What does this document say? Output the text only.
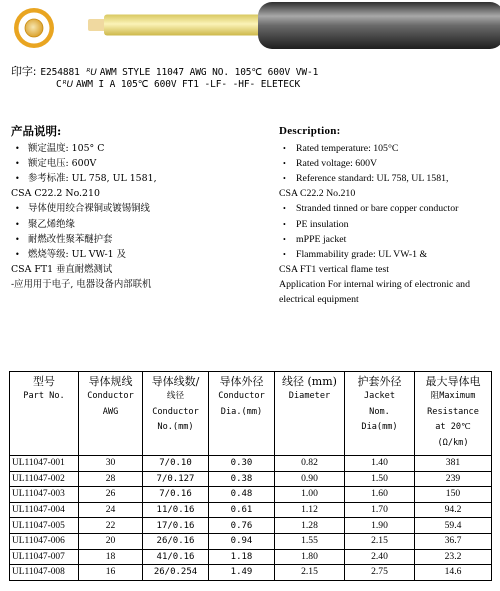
印字: E254881 ᴿU AWM STYLE 11047 AWG NO. 105℃ 600V VW-1
CᴿU AWM I A 105℃ 600V FT1 -LF- -HF- ELETECK
产品说明:
• 额定温度: 105° C
• 额定电压: 600V
• 参考标准: UL 758, UL 1581,
CSA C22.2 No.210
• 导体使用绞合裸铜或镀锡铜线
• 聚乙烯绝缘
• 耐燃改性聚苯醚护套
• 燃烧等级: UL VW-1 及
CSA FT1 垂直耐燃测试
-应用用于电子, 电器设备内部联机
Description:
• Rated temperature: 105°C
• Rated voltage: 600V
• Reference standard: UL 758, UL 1581,
CSA C22.2 No.210
• Stranded tinned or bare copper conductor
• PE insulation
• mPPE jacket
• Flammability grade: UL VW-1 &
CSA FT1 vertical flame test
Application For internal wiring of electronic and electrical equipment
型号
Part No.	导体规线
Conductor
AWG	导体线数/
线径
Conductor
No.(mm)	导体外径
Conductor
Dia.(mm)	线径 (mm)
Diameter	护套外径
Jacket
Nom.
Dia(mm)	最大导体电
阻Maximum
Resistance
at 20℃
(Ω/km)

UL11047-001	30	7/0.10	0.30	0.82	1.40	381
UL11047-002	28	7/0.127	0.38	0.90	1.50	239
UL11047-003	26	7/0.16	0.48	1.00	1.60	150
UL11047-004	24	11/0.16	0.61	1.12	1.70	94.2
UL11047-005	22	17/0.16	0.76	1.28	1.90	59.4
UL11047-006	20	26/0.16	0.94	1.55	2.15	36.7
UL11047-007	18	41/0.16	1.18	1.80	2.40	23.2
UL11047-008	16	26/0.254	1.49	2.15	2.75	14.6
